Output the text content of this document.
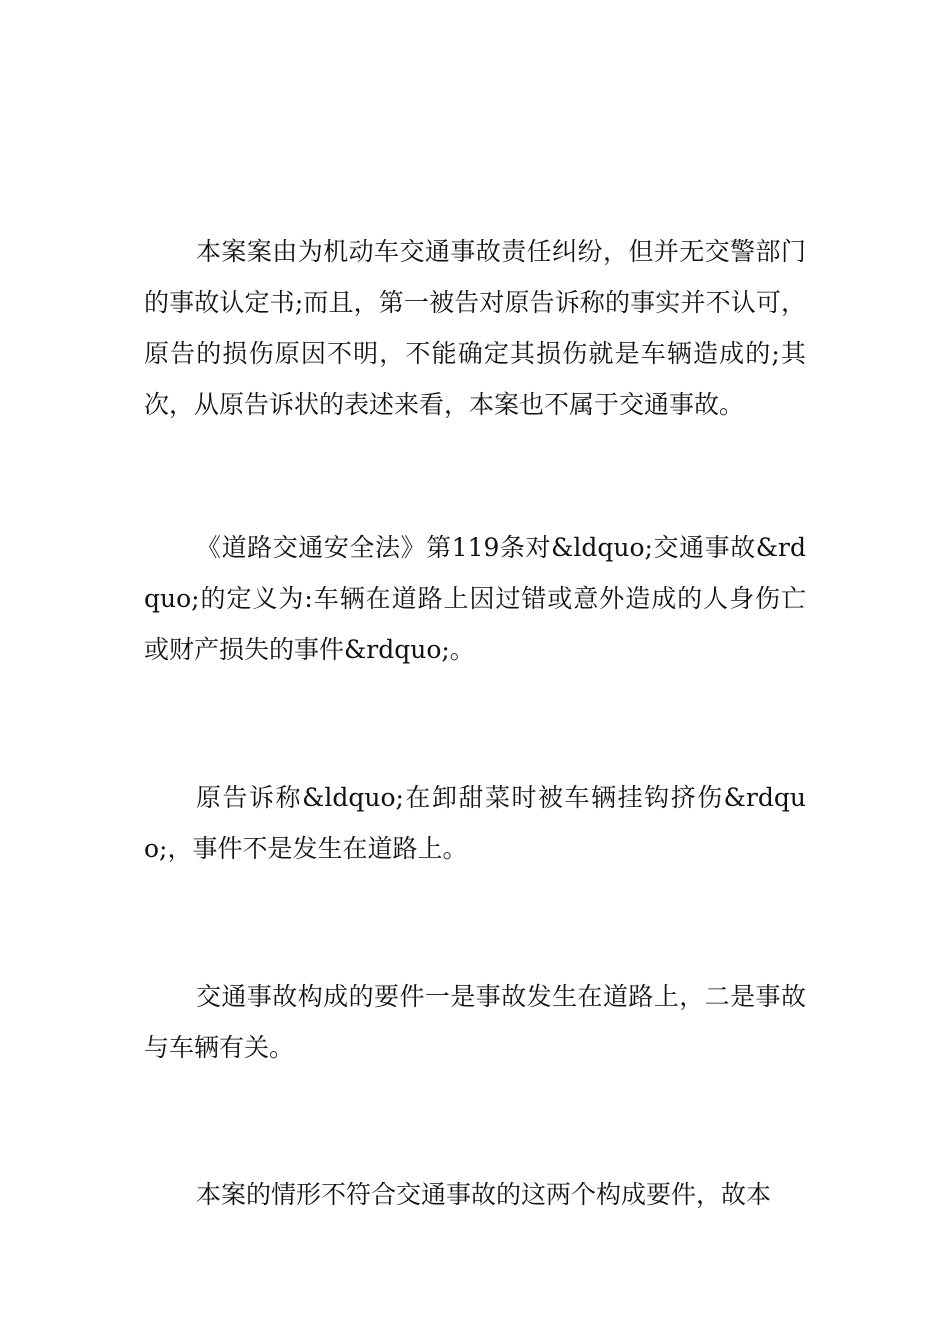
本案案由为机动车交通事故责任纠纷，但并无交警部门的事故认定书;而且，第一被告对原告诉称的事实并不认可，原告的损伤原因不明，不能确定其损伤就是车辆造成的;其次，从原告诉状的表述来看，本案也不属于交通事故。

《道路交通安全法》第119条对&ldquo;交通事故&rdquo;的定义为:车辆在道路上因过错或意外造成的人身伤亡或财产损失的事件&rdquo;。

原告诉称&ldquo;在卸甜菜时被车辆挂钩挤伤&rdquo;，事件不是发生在道路上。

交通事故构成的要件一是事故发生在道路上，二是事故与车辆有关。

本案的情形不符合交通事故的这两个构成要件，故本
